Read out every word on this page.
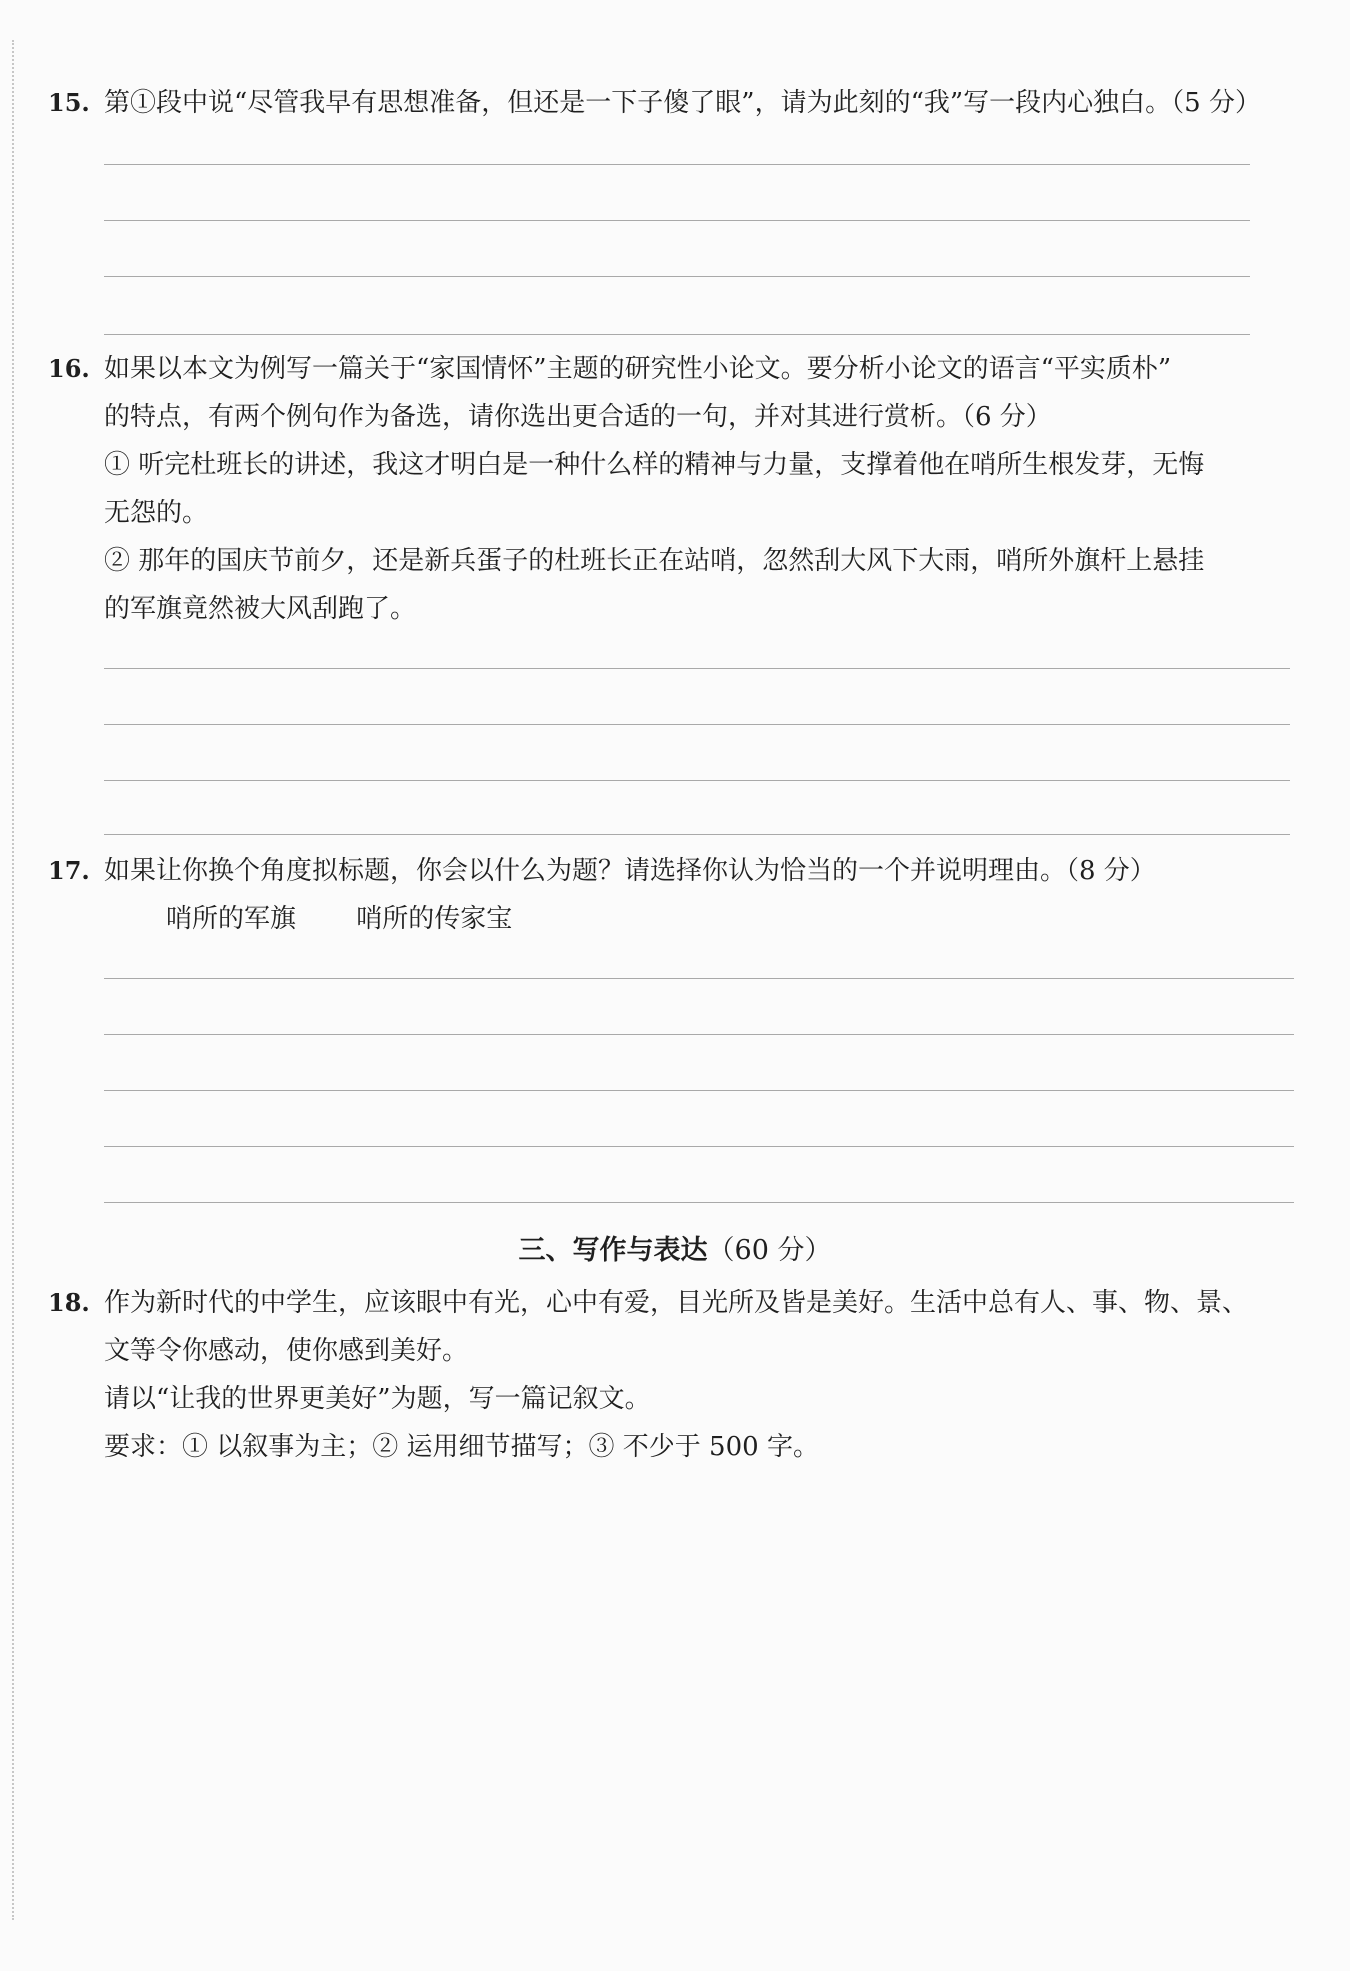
15. 第①段中说“尽管我早有思想准备，但还是一下子傻了眼”，请为此刻的“我”写一段内心独白。（5 分）
16. 如果以本文为例写一篇关于“家国情怀”主题的研究性小论文。要分析小论文的语言“平实质朴”
的特点，有两个例句作为备选，请你选出更合适的一句，并对其进行赏析。（6 分）
① 听完杜班长的讲述，我这才明白是一种什么样的精神与力量，支撑着他在哨所生根发芽，无悔
无怨的。
② 那年的国庆节前夕，还是新兵蛋子的杜班长正在站哨，忽然刮大风下大雨，哨所外旗杆上悬挂
的军旗竟然被大风刮跑了。
17. 如果让你换个角度拟标题，你会以什么为题？请选择你认为恰当的一个并说明理由。（8 分）
哨所的军旗 哨所的传家宝
三、写作与表达（60 分）
18. 作为新时代的中学生，应该眼中有光，心中有爱，目光所及皆是美好。生活中总有人、事、物、景、
文等令你感动，使你感到美好。
请以“让我的世界更美好”为题，写一篇记叙文。
要求：① 以叙事为主；② 运用细节描写；③ 不少于 500 字。
